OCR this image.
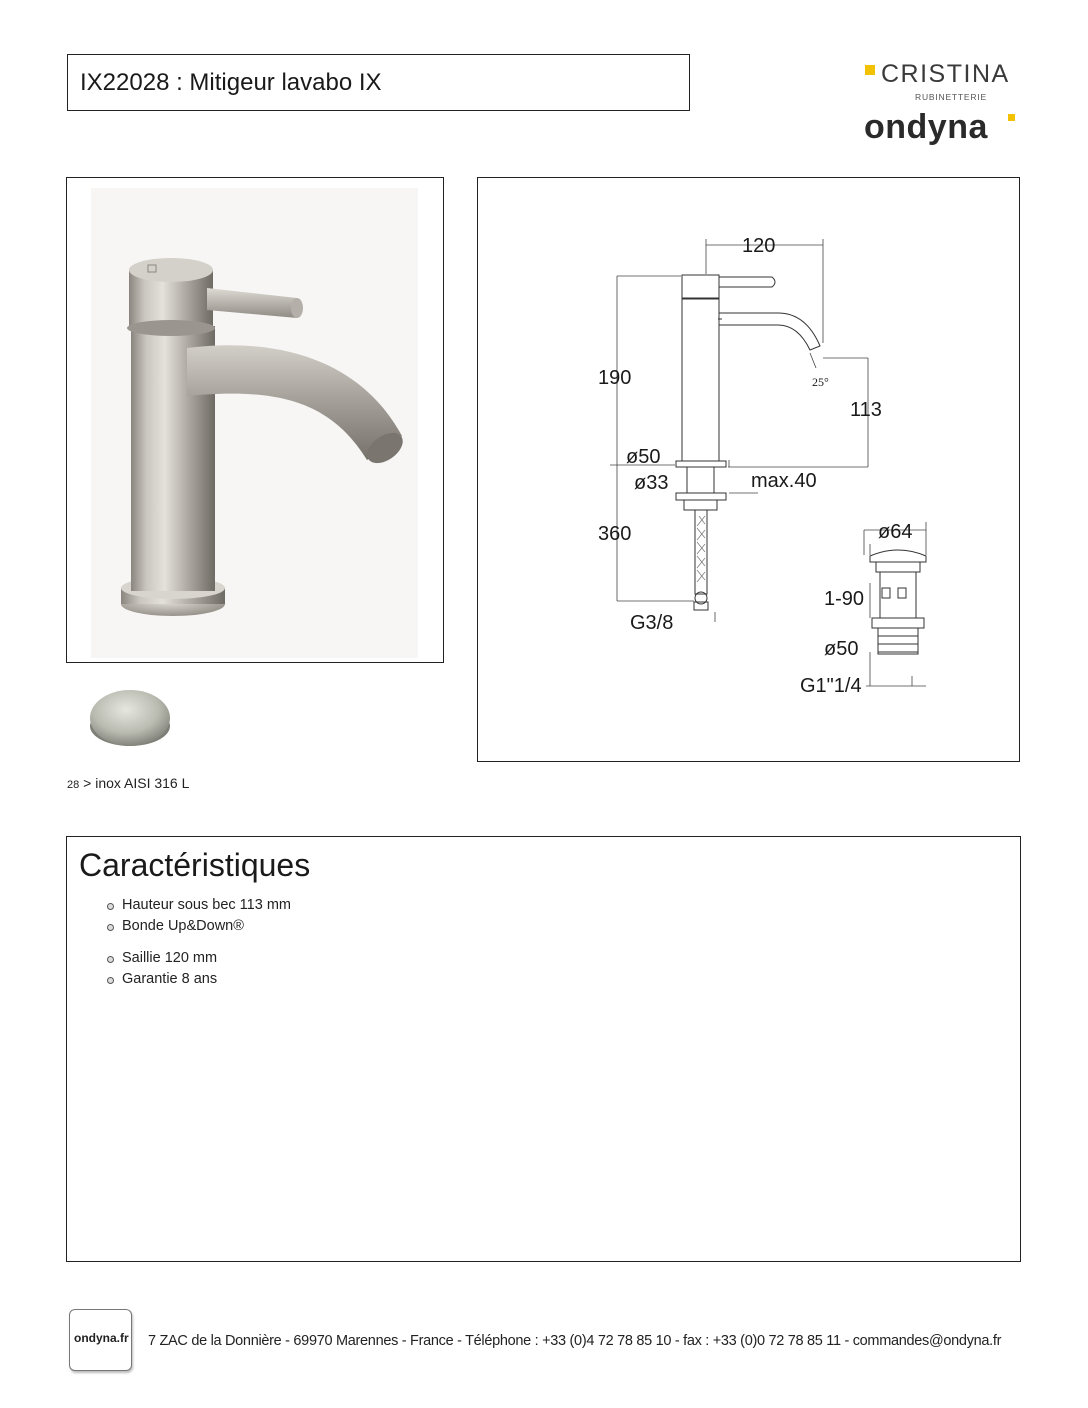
IX22028 : Mitigeur lavabo IX	CRISTINA
RUBINETTERIE
ondyna
120
190
113
ø50
ø33	max.40
360
G3/8
ø64
1-90
ø50
G1"1/4
25°
28 > inox AISI 316 L
Caractéristiques
Hauteur sous bec 113 mm
Bonde Up&Down®
Saillie 120 mm
Garantie 8 ans
ondyna.fr 7 ZAC de la Donnière - 69970 Marennes - France - Téléphone : +33 (0)4 72 78 85 10 - fax : +33 (0)0 72 78 85 11 - commandes@ondyna.fr
